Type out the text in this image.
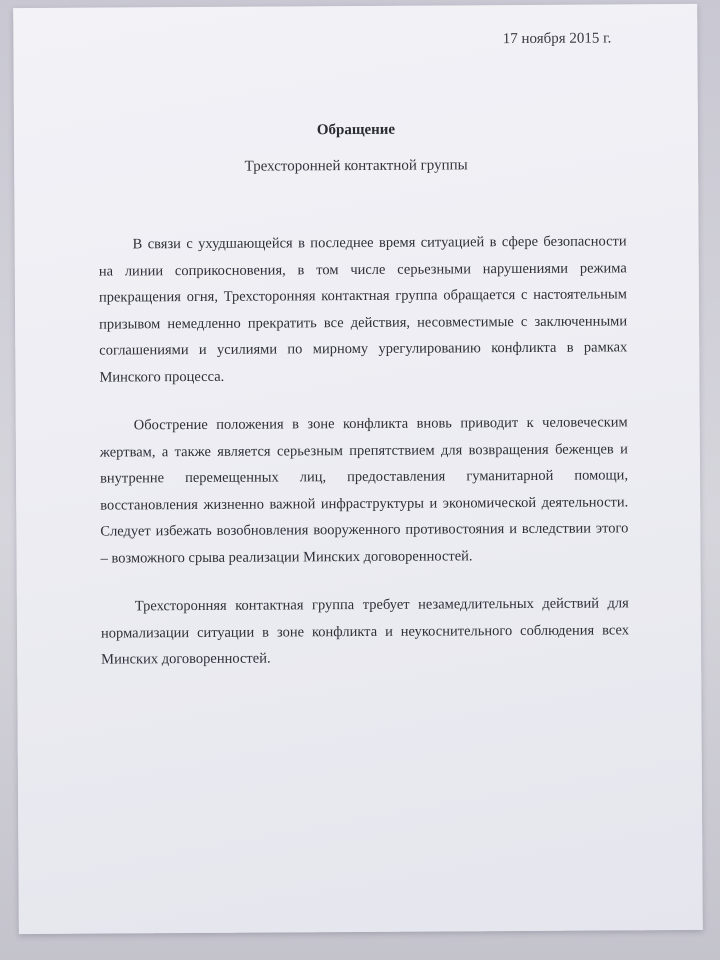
17 ноября 2015 г.
Обращение
Трехсторонней контактной группы

В связи с ухудшающейся в последнее время ситуацией в сфере безопасности на линии соприкосновения, в том числе серьезными нарушениями режима прекращения огня, Трехсторонняя контактная группа обращается с настоятельным призывом немедленно прекратить все действия, несовместимые с заключенными соглашениями и усилиями по мирному урегулированию конфликта в рамках Минского процесса.

Обострение положения в зоне конфликта вновь приводит к человеческим жертвам, а также является серьезным препятствием для возвращения беженцев и внутренне перемещенных лиц, предоставления гуманитарной помощи, восстановления жизненно важной инфраструктуры и экономической деятельности. Следует избежать возобновления вооруженного противостояния и вследствии этого – возможного срыва реализации Минских договоренностей.

Трехсторонняя контактная группа требует незамедлительных действий для нормализации ситуации в зоне конфликта и неукоснительного соблюдения всех Минских договоренностей.
